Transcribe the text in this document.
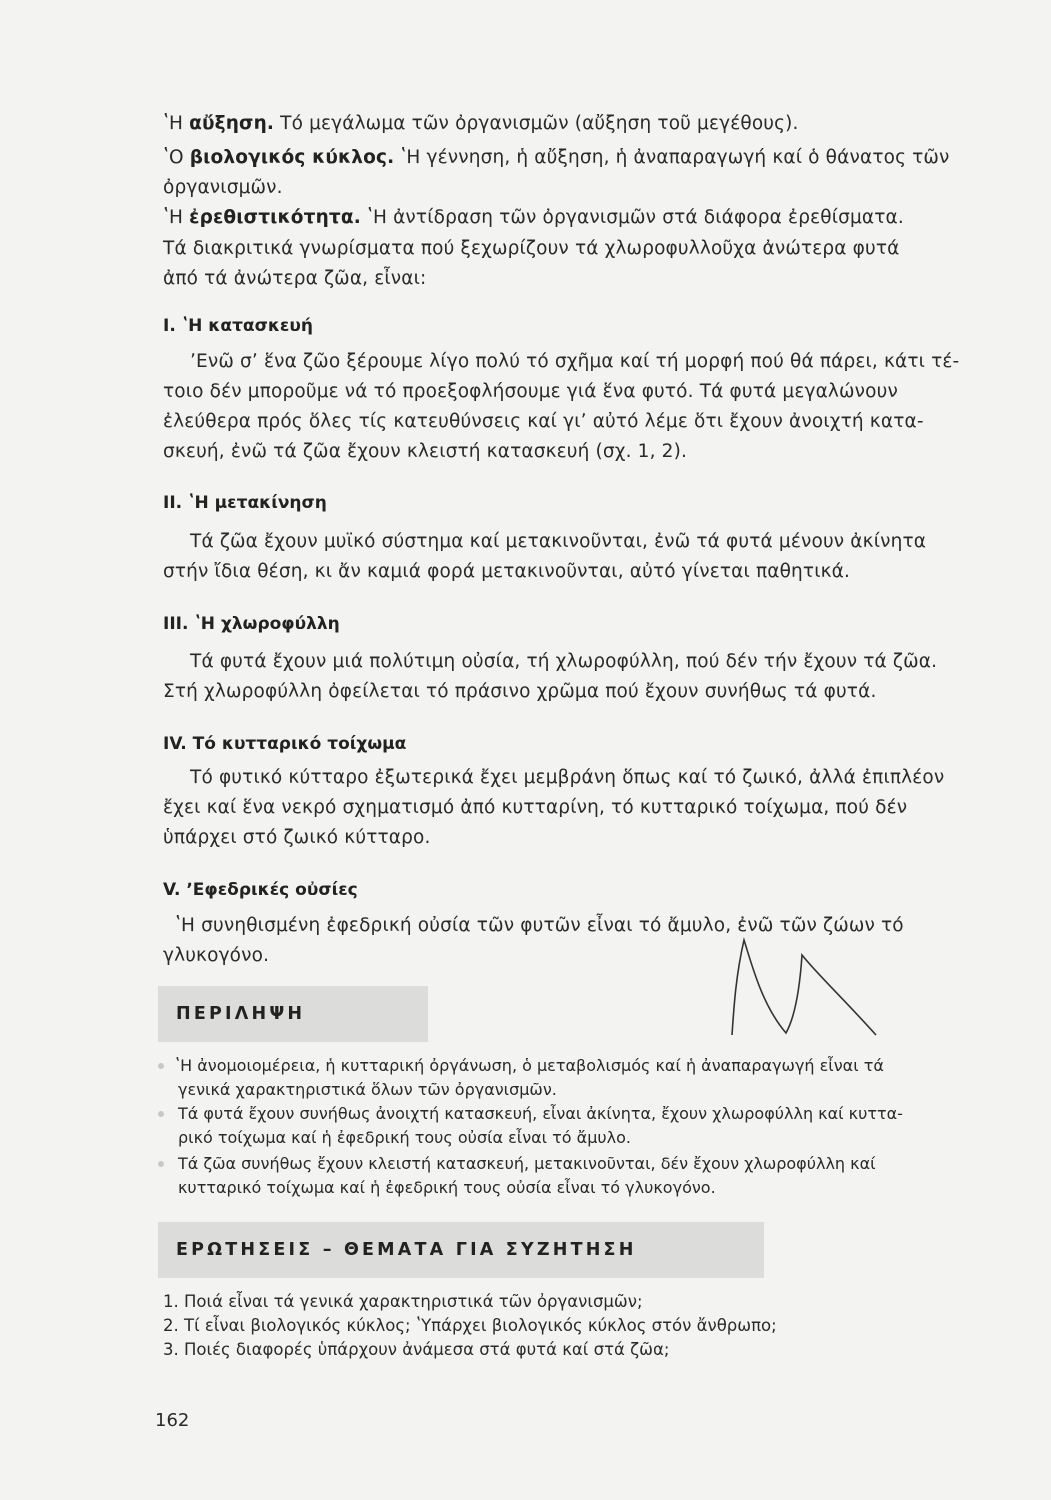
ʽΗ αὔξηση. Τό μεγάλωμα τῶν ὀργανισμῶν (αὔξηση τοῦ μεγέθους).
ʽΟ βιολογικός κύκλος. ʽΗ γέννηση, ἡ αὔξηση, ἡ ἀναπαραγωγή καί ὁ θάνατος τῶν
ὀργανισμῶν.
ʽΗ ἐρεθιστικότητα. ʽΗ ἀντίδραση τῶν ὀργανισμῶν στά διάφορα ἐρεθίσματα.
Τά διακριτικά γνωρίσματα πού ξεχωρίζουν τά χλωροφυλλοῦχα ἀνώτερα φυτά
ἀπό τά ἀνώτερα ζῶα, εἶναι:
I. ʽΗ κατασκευή
ʼΕνῶ σʼ ἕνα ζῶο ξέρουμε λίγο πολύ τό σχῆμα καί τή μορφή πού θά πάρει, κάτι τέ-
τοιο δέν μποροῦμε νά τό προεξοφλήσουμε γιά ἕνα φυτό. Τά φυτά μεγαλώνουν
ἐλεύθερα πρός ὅλες τίς κατευθύνσεις καί γιʼ αὐτό λέμε ὅτι ἔχουν ἀνοιχτή κατα-
σκευή, ἐνῶ τά ζῶα ἔχουν κλειστή κατασκευή (σχ. 1, 2).
II. ʽΗ μετακίνηση
Τά ζῶα ἔχουν μυϊκό σύστημα καί μετακινοῦνται, ἐνῶ τά φυτά μένουν ἀκίνητα
στήν ἴδια θέση, κι ἄν καμιά φορά μετακινοῦνται, αὐτό γίνεται παθητικά.
III. ʽΗ χλωροφύλλη
Τά φυτά ἔχουν μιά πολύτιμη οὐσία, τή χλωροφύλλη, πού δέν τήν ἔχουν τά ζῶα.
Στή χλωροφύλλη ὀφείλεται τό πράσινο χρῶμα πού ἔχουν συνήθως τά φυτά.
IV. Τό κυτταρικό τοίχωμα
Τό φυτικό κύτταρο ἐξωτερικά ἔχει μεμβράνη ὅπως καί τό ζωικό, ἀλλά ἐπιπλέον
ἔχει καί ἕνα νεκρό σχηματισμό ἀπό κυτταρίνη, τό κυτταρικό τοίχωμα, πού δέν
ὑπάρχει στό ζωικό κύτταρο.
V. ʼΕφεδρικές οὐσίες
ʽΗ συνηθισμένη ἐφεδρική οὐσία τῶν φυτῶν εἶναι τό ἄμυλο, ἐνῶ τῶν ζώων τό
γλυκογόνο.
ΠΕΡΙΛΗΨΗ
ʽΗ ἀνομοιομέρεια, ἡ κυτταρική ὀργάνωση, ὁ μεταβολισμός καί ἡ ἀναπαραγωγή εἶναι τά
γενικά χαρακτηριστικά ὅλων τῶν ὀργανισμῶν.
Τά φυτά ἔχουν συνήθως ἀνοιχτή κατασκευή, εἶναι ἀκίνητα, ἔχουν χλωροφύλλη καί κυττα-
ρικό τοίχωμα καί ἡ ἐφεδρική τους οὐσία εἶναι τό ἄμυλο.
Τά ζῶα συνήθως ἔχουν κλειστή κατασκευή, μετακινοῦνται, δέν ἔχουν χλωροφύλλη καί
κυτταρικό τοίχωμα καί ἡ ἐφεδρική τους οὐσία εἶναι τό γλυκογόνο.
ΕΡΩΤΗΣΕΙΣ – ΘΕΜΑΤΑ ΓΙΑ ΣΥΖΗΤΗΣΗ
1. Ποιά εἶναι τά γενικά χαρακτηριστικά τῶν ὀργανισμῶν;
2. Τί εἶναι βιολογικός κύκλος; ʽΥπάρχει βιολογικός κύκλος στόν ἄνθρωπο;
3. Ποιές διαφορές ὑπάρχουν ἀνάμεσα στά φυτά καί στά ζῶα;
162
